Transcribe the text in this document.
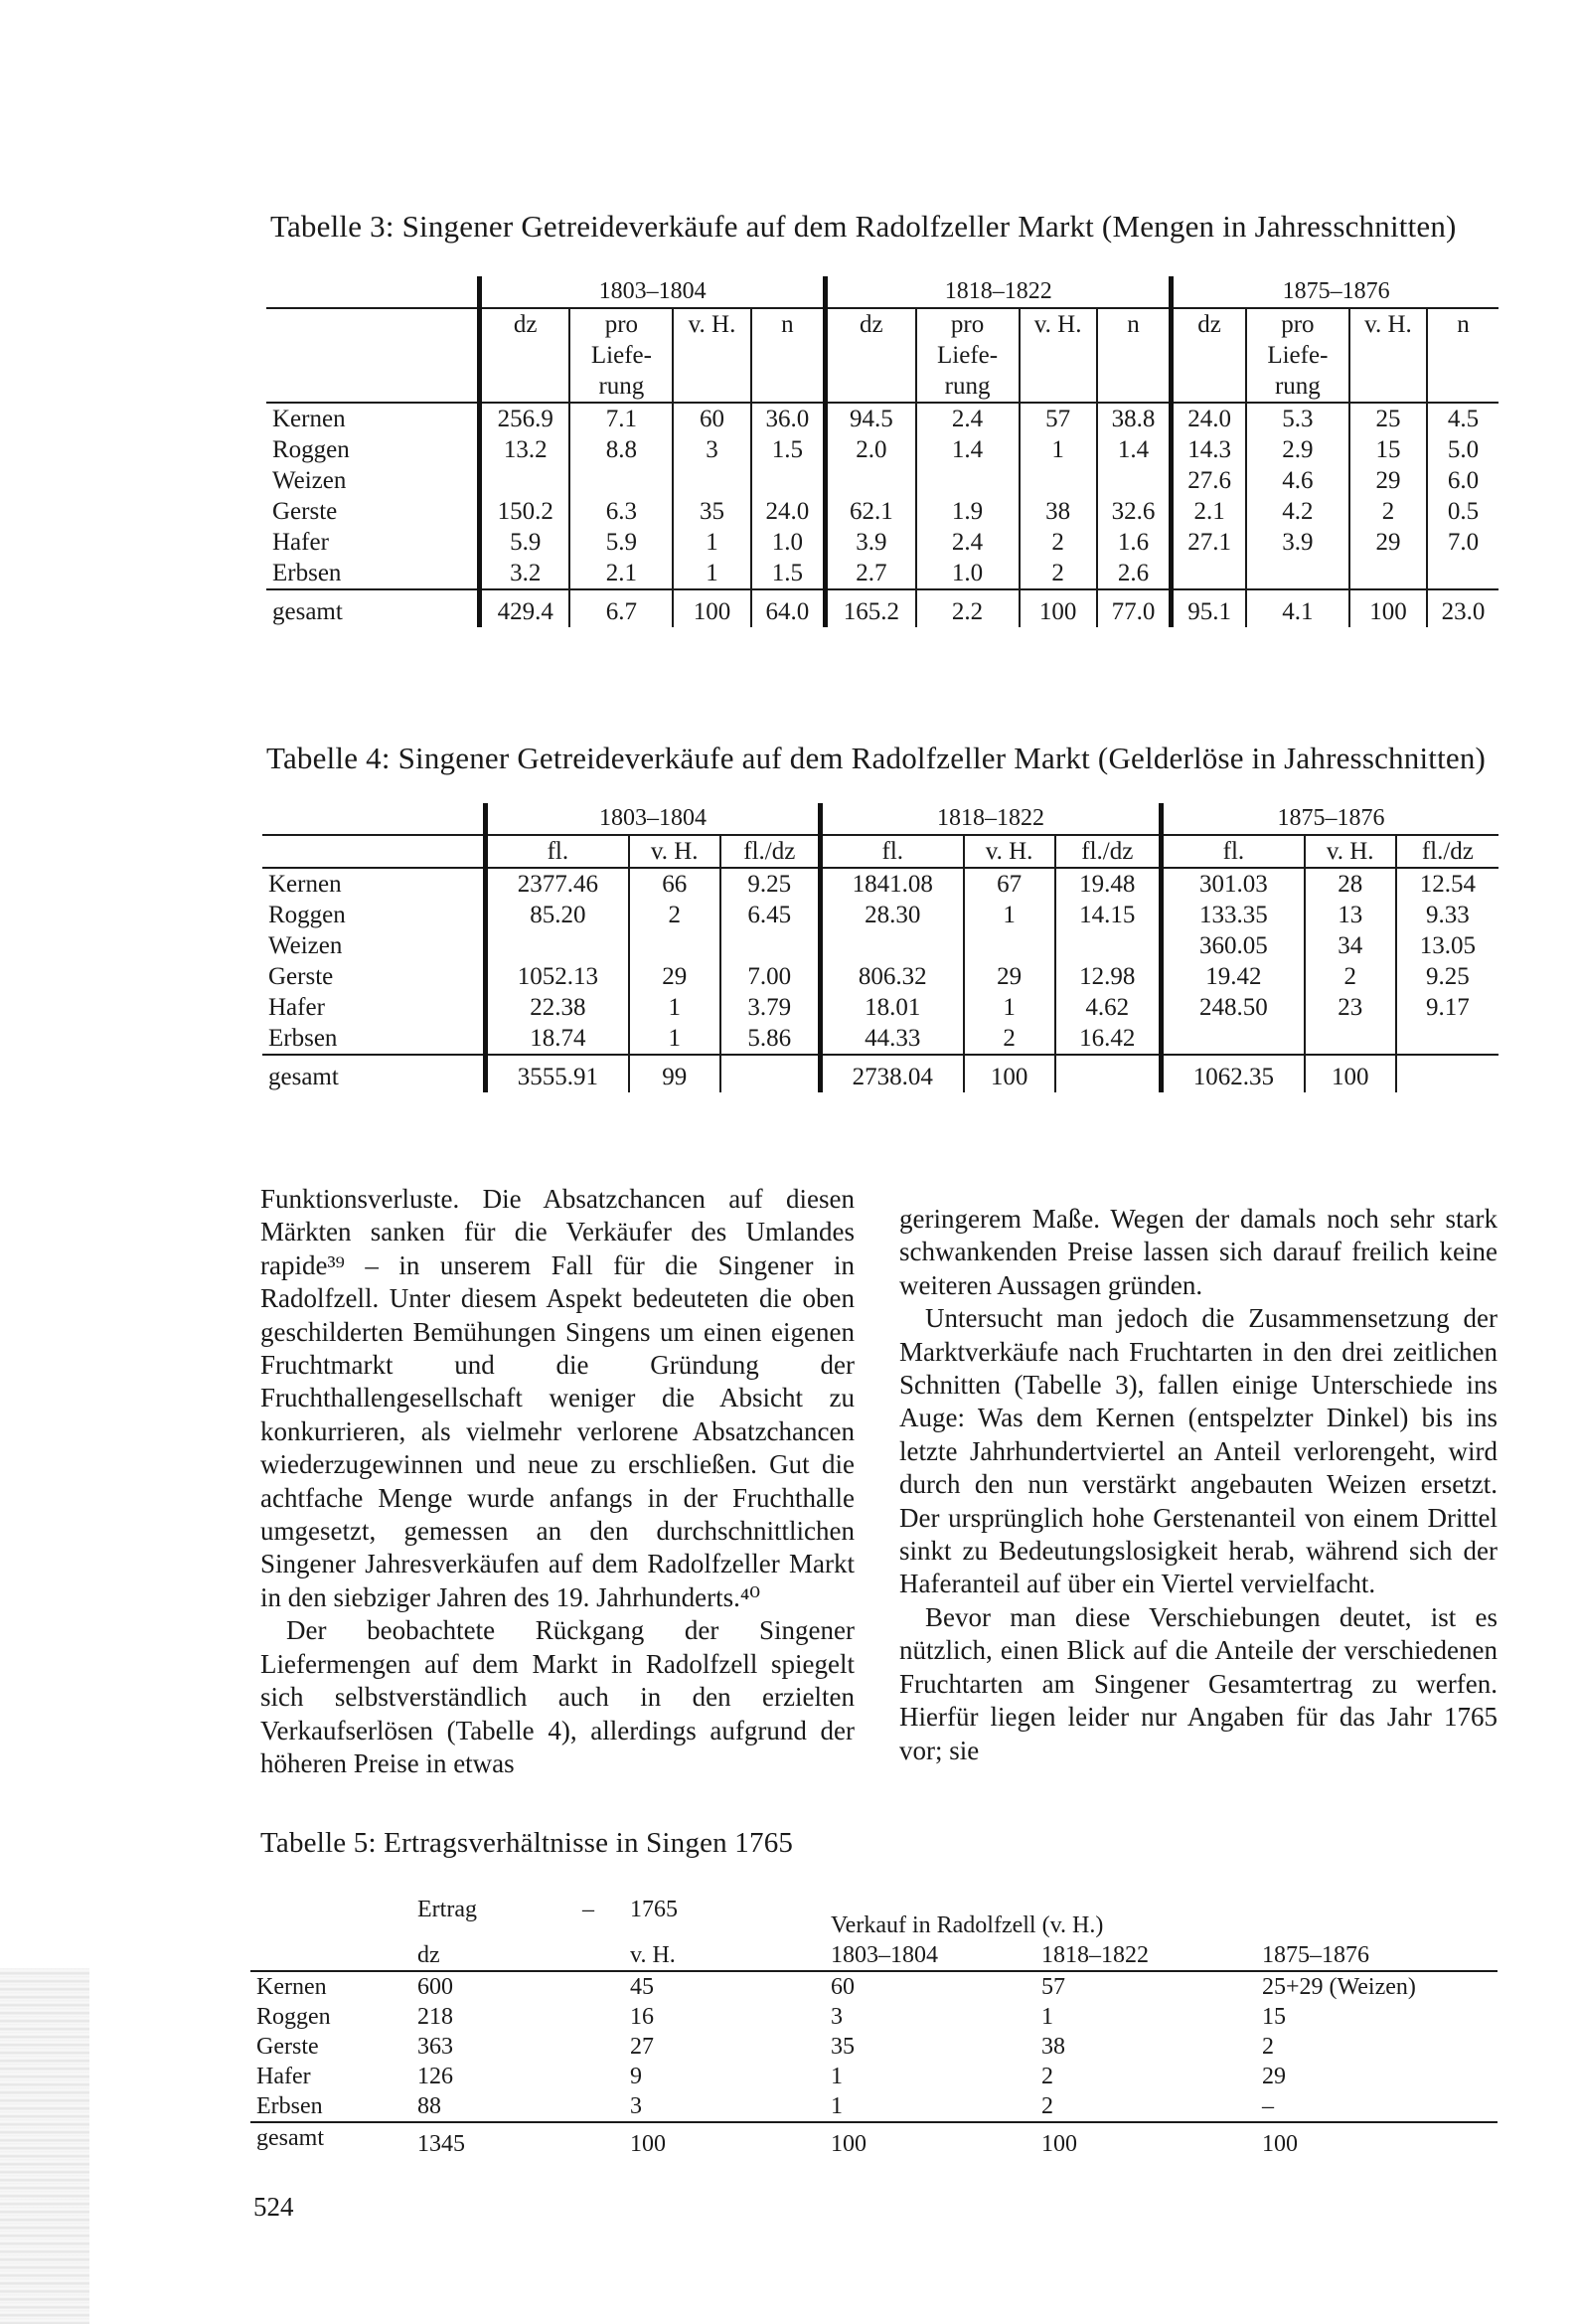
Tabelle 3: Singener Getreideverkäufe auf dem Radolfzeller Markt (Mengen in Jahresschnitten)
	1803–1804				1818–1822				1875–1876			
	dz	pro Liefe- rung	v. H.	n	dz	pro Liefe- rung	v. H.	n	dz	pro Liefe- rung	v. H.	n
Kernen	256.9	7.1	60	36.0	94.5	2.4	57	38.8	24.0	5.3	25	4.5
Roggen	13.2	8.8	3	1.5	2.0	1.4	1	1.4	14.3	2.9	15	5.0
Weizen									27.6	4.6	29	6.0
Gerste	150.2	6.3	35	24.0	62.1	1.9	38	32.6	2.1	4.2	2	0.5
Hafer	5.9	5.9	1	1.0	3.9	2.4	2	1.6	27.1	3.9	29	7.0
Erbsen	3.2	2.1	1	1.5	2.7	1.0	2	2.6				
gesamt	429.4	6.7	100	64.0	165.2	2.2	100	77.0	95.1	4.1	100	23.0
Tabelle 4: Singener Getreideverkäufe auf dem Radolfzeller Markt (Gelderlöse in Jahresschnitten)
	1803–1804			1818–1822			1875–1876		
	fl.	v. H.	fl./dz	fl.	v. H.	fl./dz	fl.	v. H.	fl./dz
Kernen	2377.46	66	9.25	1841.08	67	19.48	301.03	28	12.54
Roggen	85.20	2	6.45	28.30	1	14.15	133.35	13	9.33
Weizen							360.05	34	13.05
Gerste	1052.13	29	7.00	806.32	29	12.98	19.42	2	9.25
Hafer	22.38	1	3.79	18.01	1	4.62	248.50	23	9.17
Erbsen	18.74	1	5.86	44.33	2	16.42			
gesamt	3555.91	99		2738.04	100		1062.35	100	

Funktionsverluste. Die Absatzchancen auf diesen Märkten sanken für die Verkäufer des Umlandes rapide³⁹ – in unserem Fall für die Singener in Radolfzell. Unter diesem Aspekt bedeuteten die oben geschilderten Bemühungen Singens um einen eigenen Fruchtmarkt und die Gründung der Fruchthallengesellschaft weniger die Absicht zu konkurrieren, als vielmehr verlorene Absatzchancen wiederzugewinnen und neue zu erschließen. Gut die achtfache Menge wurde anfangs in der Fruchthalle umgesetzt, gemessen an den durchschnittlichen Singener Jahresverkäufen auf dem Radolfzeller Markt in den siebziger Jahren des 19. Jahrhunderts.⁴⁰

Der beobachtete Rückgang der Singener Liefermengen auf dem Markt in Radolfzell spiegelt sich selbstverständlich auch in den erzielten Verkaufserlösen (Tabelle 4), allerdings aufgrund der höheren Preise in etwas

geringerem Maße. Wegen der damals noch sehr stark schwankenden Preise lassen sich darauf freilich keine weiteren Aussagen gründen.

Untersucht man jedoch die Zusammensetzung der Marktverkäufe nach Fruchtarten in den drei zeitlichen Schnitten (Tabelle 3), fallen einige Unterschiede ins Auge: Was dem Kernen (entspelzter Dinkel) bis ins letzte Jahrhundertviertel an Anteil verlorengeht, wird durch den nun verstärkt angebauten Weizen ersetzt. Der ursprünglich hohe Gerstenanteil von einem Drittel sinkt zu Bedeutungslosigkeit herab, während sich der Haferanteil auf über ein Viertel vervielfacht.

Bevor man diese Verschiebungen deutet, ist es nützlich, einen Blick auf die Anteile der verschiedenen Fruchtarten am Singener Gesamtertrag zu werfen. Hierfür liegen leider nur Angaben für das Jahr 1765 vor; sie

Tabelle 5: Ertragsverhältnisse in Singen 1765
	Ertrag	–	1765	Verkauf in Radolfzell (v. H.)		
	dz		v. H.	1803–1804	1818–1822	1875–1876
Kernen	600		45	60	57	25+29 (Weizen)
Roggen	218		16	3	1	15
Gerste	363		27	35	38	2
Hafer	126		9	1	2	29
Erbsen	88		3	1	2	–
gesamt	1345		100	100	100	100
524
